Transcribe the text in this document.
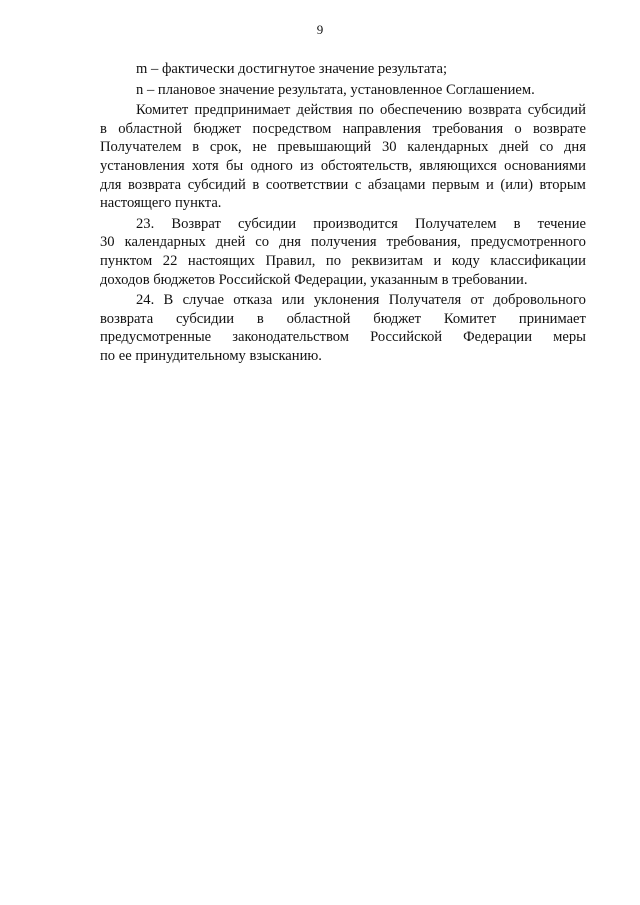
9
m – фактически достигнутое значение результата;
n – плановое значение результата, установленное Соглашением.
Комитет предпринимает действия по обеспечению возврата субсидий
в областной бюджет посредством направления требования о возврате
Получателем в срок, не превышающий 30 календарных дней со дня
установления хотя бы одного из обстоятельств, являющихся основаниями
для возврата субсидий в соответствии с абзацами первым и (или) вторым
настоящего пункта.
23. Возврат субсидии производится Получателем в течение
30 календарных дней со дня получения требования, предусмотренного
пунктом 22 настоящих Правил, по реквизитам и коду классификации
доходов бюджетов Российской Федерации, указанным в требовании.
24. В случае отказа или уклонения Получателя от добровольного
возврата субсидии в областной бюджет Комитет принимает
предусмотренные законодательством Российской Федерации меры
по ее принудительному взысканию.
